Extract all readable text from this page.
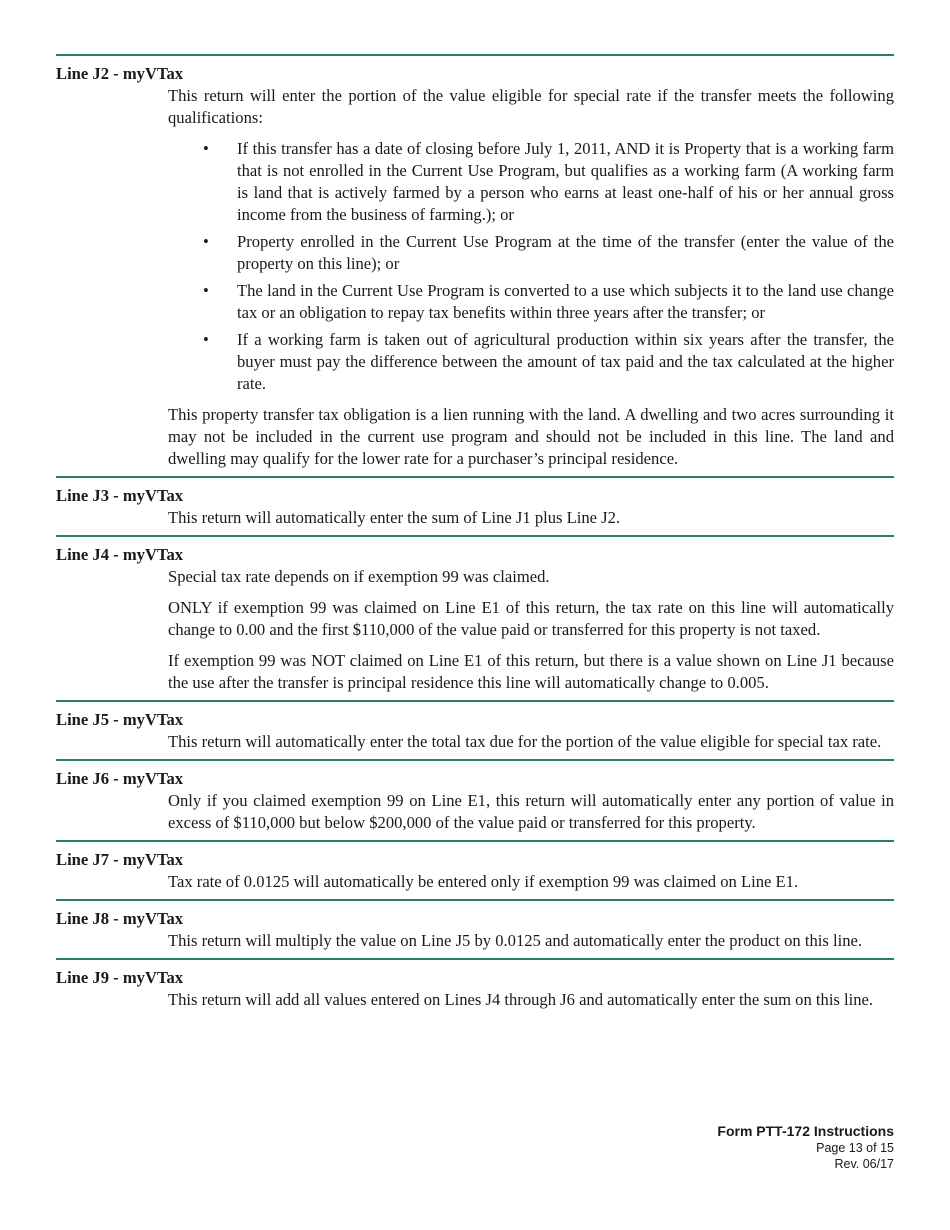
Line J2 - myVTax

This return will enter the portion of the value eligible for special rate if the transfer meets the following qualifications:

• If this transfer has a date of closing before July 1, 2011, AND it is Property that is a working farm that is not enrolled in the Current Use Program, but qualifies as a working farm (A working farm is land that is actively farmed by a person who earns at least one-half of his or her annual gross income from the business of farming.); or
• Property enrolled in the Current Use Program at the time of the transfer (enter the value of the property on this line); or
• The land in the Current Use Program is converted to a use which subjects it to the land use change tax or an obligation to repay tax benefits within three years after the transfer; or
• If a working farm is taken out of agricultural production within six years after the transfer, the buyer must pay the difference between the amount of tax paid and the tax calculated at the higher rate.

This property transfer tax obligation is a lien running with the land. A dwelling and two acres surrounding it may not be included in the current use program and should not be included in this line. The land and dwelling may qualify for the lower rate for a purchaser’s principal residence.

Line J3 - myVTax

This return will automatically enter the sum of Line J1 plus Line J2.

Line J4 - myVTax

Special tax rate depends on if exemption 99 was claimed.

ONLY if exemption 99 was claimed on Line E1 of this return, the tax rate on this line will automatically change to 0.00 and the first $110,000 of the value paid or transferred for this property is not taxed.

If exemption 99 was NOT claimed on Line E1 of this return, but there is a value shown on Line J1 because the use after the transfer is principal residence this line will automatically change to 0.005.

Line J5 - myVTax

This return will automatically enter the total tax due for the portion of the value eligible for special tax rate.

Line J6 - myVTax

Only if you claimed exemption 99 on Line E1, this return will automatically enter any portion of value in excess of $110,000 but below $200,000 of the value paid or transferred for this property.

Line J7 - myVTax

Tax rate of 0.0125 will automatically be entered only if exemption 99 was claimed on Line E1.

Line J8 - myVTax

This return will multiply the value on Line J5 by 0.0125 and automatically enter the product on this line.

Line J9 - myVTax

This return will add all values entered on Lines J4 through J6 and automatically enter the sum on this line.

Form PTT-172 Instructions
Page 13 of 15
Rev. 06/17
